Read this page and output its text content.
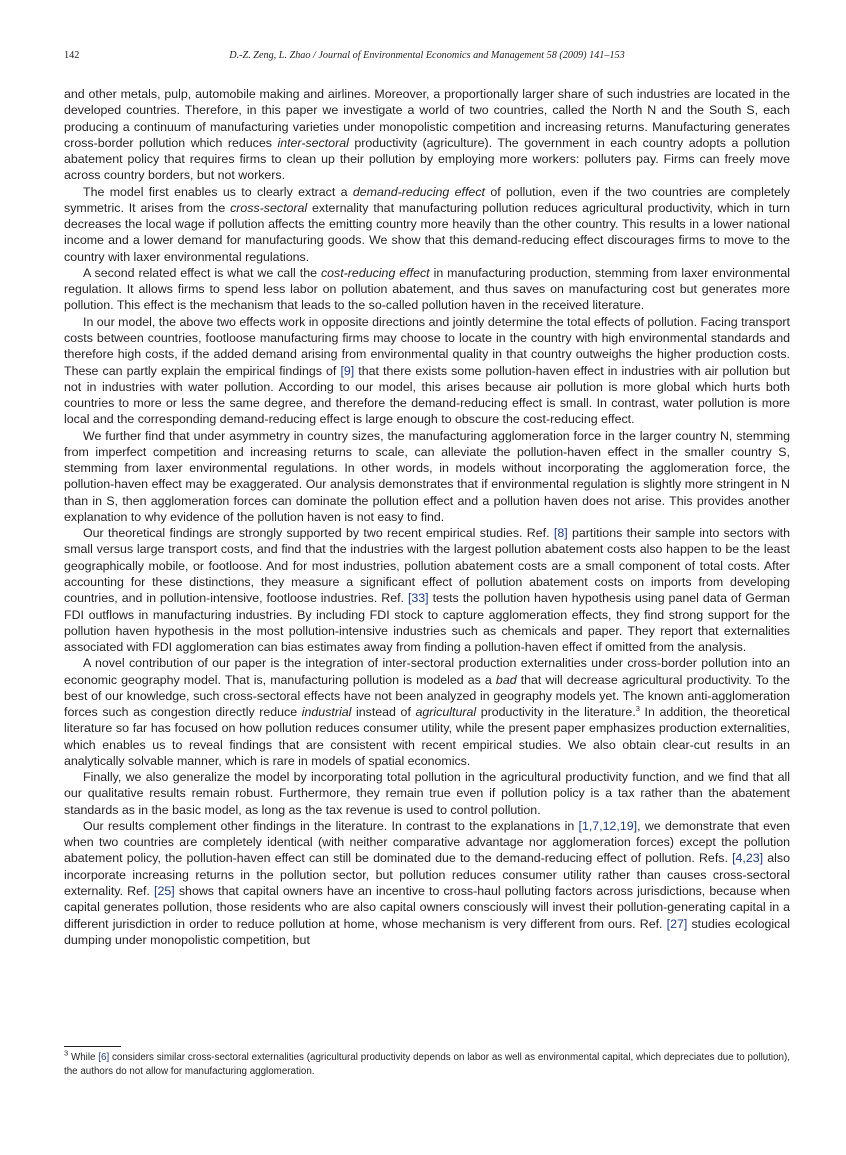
142	D.-Z. Zeng, L. Zhao / Journal of Environmental Economics and Management 58 (2009) 141–153

and other metals, pulp, automobile making and airlines. Moreover, a proportionally larger share of such industries are located in the developed countries. Therefore, in this paper we investigate a world of two countries, called the North N and the South S, each producing a continuum of manufacturing varieties under monopolistic competition and increasing returns. Manufacturing generates cross-border pollution which reduces inter-sectoral productivity (agriculture). The government in each country adopts a pollution abatement policy that requires firms to clean up their pollution by employing more workers: polluters pay. Firms can freely move across country borders, but not workers.

The model first enables us to clearly extract a demand-reducing effect of pollution, even if the two countries are completely symmetric. It arises from the cross-sectoral externality that manufacturing pollution reduces agricultural productivity, which in turn decreases the local wage if pollution affects the emitting country more heavily than the other country. This results in a lower national income and a lower demand for manufacturing goods. We show that this demand-reducing effect discourages firms to move to the country with laxer environmental regulations.

A second related effect is what we call the cost-reducing effect in manufacturing production, stemming from laxer environmental regulation. It allows firms to spend less labor on pollution abatement, and thus saves on manufacturing cost but generates more pollution. This effect is the mechanism that leads to the so-called pollution haven in the received literature.

In our model, the above two effects work in opposite directions and jointly determine the total effects of pollution. Facing transport costs between countries, footloose manufacturing firms may choose to locate in the country with high environmental standards and therefore high costs, if the added demand arising from environmental quality in that country outweighs the higher production costs. These can partly explain the empirical findings of [9] that there exists some pollution-haven effect in industries with air pollution but not in industries with water pollution. According to our model, this arises because air pollution is more global which hurts both countries to more or less the same degree, and therefore the demand-reducing effect is small. In contrast, water pollution is more local and the corresponding demand-reducing effect is large enough to obscure the cost-reducing effect.

We further find that under asymmetry in country sizes, the manufacturing agglomeration force in the larger country N, stemming from imperfect competition and increasing returns to scale, can alleviate the pollution-haven effect in the smaller country S, stemming from laxer environmental regulations. In other words, in models without incorporating the agglomeration force, the pollution-haven effect may be exaggerated. Our analysis demonstrates that if environmental regulation is slightly more stringent in N than in S, then agglomeration forces can dominate the pollution effect and a pollution haven does not arise. This provides another explanation to why evidence of the pollution haven is not easy to find.

Our theoretical findings are strongly supported by two recent empirical studies. Ref. [8] partitions their sample into sectors with small versus large transport costs, and find that the industries with the largest pollution abatement costs also happen to be the least geographically mobile, or footloose. And for most industries, pollution abatement costs are a small component of total costs. After accounting for these distinctions, they measure a significant effect of pollution abatement costs on imports from developing countries, and in pollution-intensive, footloose industries. Ref. [33] tests the pollution haven hypothesis using panel data of German FDI outflows in manufacturing industries. By including FDI stock to capture agglomeration effects, they find strong support for the pollution haven hypothesis in the most pollution-intensive industries such as chemicals and paper. They report that externalities associated with FDI agglomeration can bias estimates away from finding a pollution-haven effect if omitted from the analysis.

A novel contribution of our paper is the integration of inter-sectoral production externalities under cross-border pollution into an economic geography model. That is, manufacturing pollution is modeled as a bad that will decrease agricultural productivity. To the best of our knowledge, such cross-sectoral effects have not been analyzed in geography models yet. The known anti-agglomeration forces such as congestion directly reduce industrial instead of agricultural productivity in the literature.$^3$ In addition, the theoretical literature so far has focused on how pollution reduces consumer utility, while the present paper emphasizes production externalities, which enables us to reveal findings that are consistent with recent empirical studies. We also obtain clear-cut results in an analytically solvable manner, which is rare in models of spatial economics.

Finally, we also generalize the model by incorporating total pollution in the agricultural productivity function, and we find that all our qualitative results remain robust. Furthermore, they remain true even if pollution policy is a tax rather than the abatement standards as in the basic model, as long as the tax revenue is used to control pollution.

Our results complement other findings in the literature. In contrast to the explanations in [1,7,12,19], we demonstrate that even when two countries are completely identical (with neither comparative advantage nor agglomeration forces) except the pollution abatement policy, the pollution-haven effect can still be dominated due to the demand-reducing effect of pollution. Refs. [4,23] also incorporate increasing returns in the pollution sector, but pollution reduces consumer utility rather than causes cross-sectoral externality. Ref. [25] shows that capital owners have an incentive to cross-haul polluting factors across jurisdictions, because when capital generates pollution, those residents who are also capital owners consciously will invest their pollution-generating capital in a different jurisdiction in order to reduce pollution at home, whose mechanism is very different from ours. Ref. [27] studies ecological dumping under monopolistic competition, but

$^3$ While [6] considers similar cross-sectoral externalities (agricultural productivity depends on labor as well as environmental capital, which depreciates due to pollution), the authors do not allow for manufacturing agglomeration.
